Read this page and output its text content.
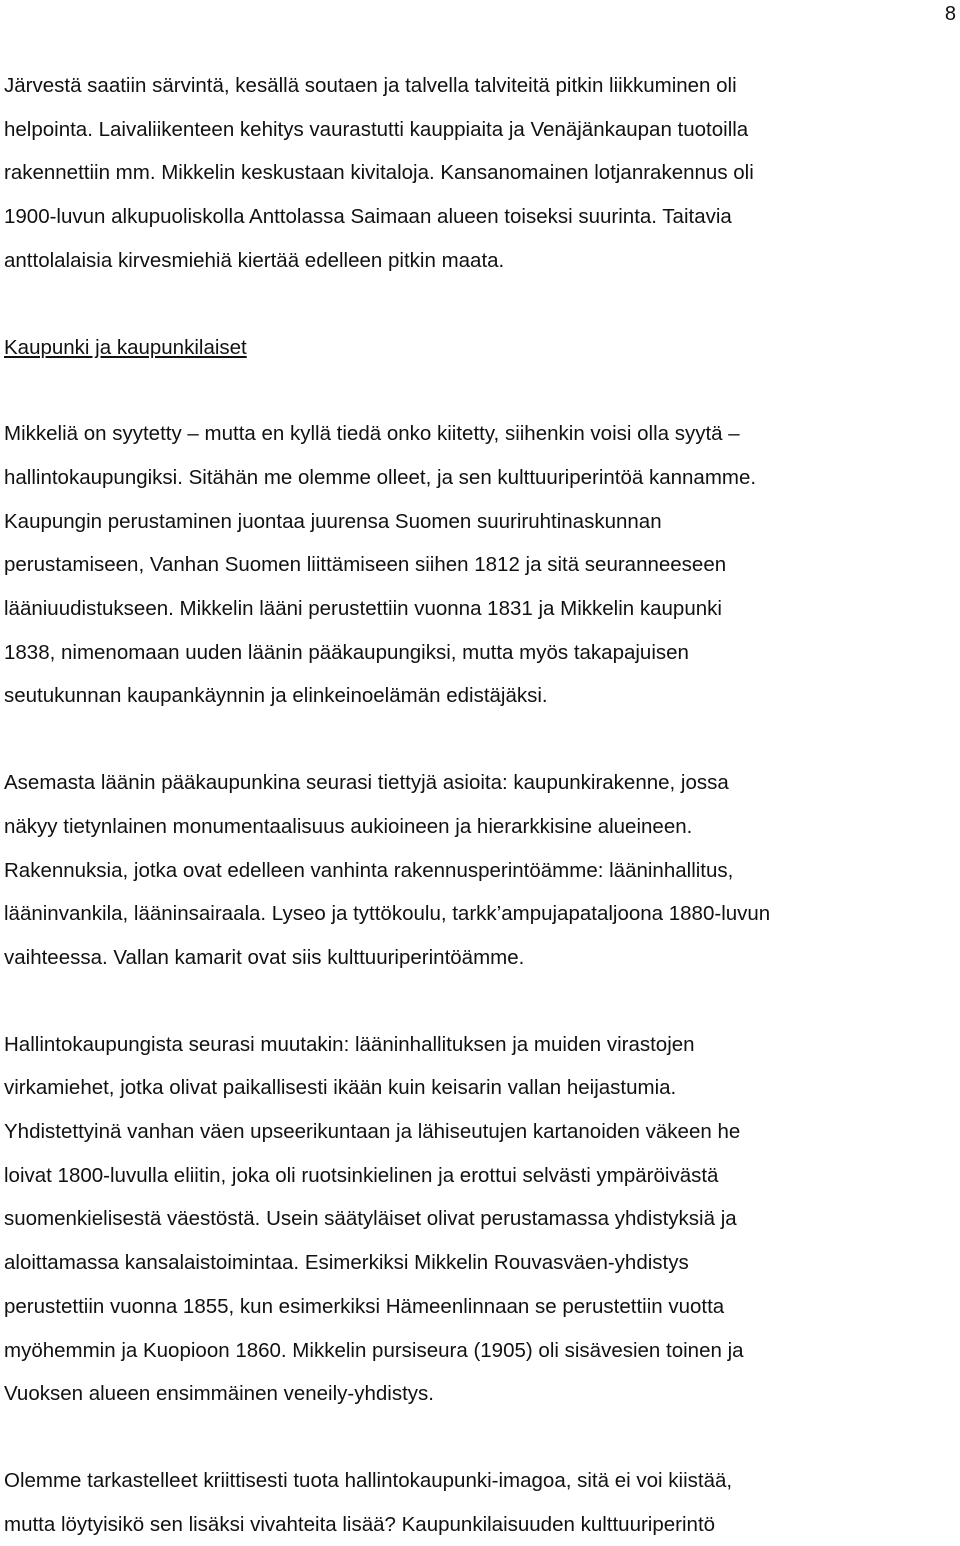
8
Järvestä saatiin särvintä, kesällä soutaen ja talvella talviteitä pitkin liikkuminen oli
helpointa. Laivaliikenteen kehitys vaurastutti kauppiaita ja Venäjänkaupan tuotoilla
rakennettiin mm. Mikkelin keskustaan kivitaloja. Kansanomainen lotjanrakennus oli
1900-luvun alkupuoliskolla Anttolassa Saimaan alueen toiseksi suurinta. Taitavia
anttolalaisia kirvesmiehiä kiertää edelleen pitkin maata.
Kaupunki ja kaupunkilaiset
Mikkeliä on syytetty – mutta en kyllä tiedä onko kiitetty, siihenkin voisi olla syytä –
hallintokaupungiksi. Sitähän me olemme olleet, ja sen kulttuuriperintöä kannamme.
Kaupungin perustaminen juontaa juurensa Suomen suuriruhtinaskunnan
perustamiseen, Vanhan Suomen liittämiseen siihen 1812 ja sitä seuranneeseen
lääniuudistukseen. Mikkelin lääni perustettiin vuonna 1831 ja Mikkelin kaupunki
1838, nimenomaan uuden läänin pääkaupungiksi, mutta myös takapajuisen
seutukunnan kaupankäynnin ja elinkeinoelämän edistäjäksi.
Asemasta läänin pääkaupunkina seurasi tiettyjä asioita: kaupunkirakenne, jossa
näkyy tietynlainen monumentaalisuus aukioineen ja hierarkkisine alueineen.
Rakennuksia, jotka ovat edelleen vanhinta rakennusperintöämme: lääninhallitus,
lääninvankila, lääninsairaala. Lyseo ja tyttökoulu, tarkk’ampujapataljoona 1880-luvun
vaihteessa. Vallan kamarit ovat siis kulttuuriperintöämme.
Hallintokaupungista seurasi muutakin: lääninhallituksen ja muiden virastojen
virkamiehet, jotka olivat paikallisesti ikään kuin keisarin vallan heijastumia.
Yhdistettyinä vanhan väen upseerikuntaan ja lähiseutujen kartanoiden väkeen he
loivat 1800-luvulla eliitin, joka oli ruotsinkielinen ja erottui selvästi ympäröivästä
suomenkielisestä väestöstä. Usein säätyläiset olivat perustamassa yhdistyksiä ja
aloittamassa kansalaistoimintaa. Esimerkiksi Mikkelin Rouvasväen-yhdistys
perustettiin vuonna 1855, kun esimerkiksi Hämeenlinnaan se perustettiin vuotta
myöhemmin ja Kuopioon 1860. Mikkelin pursiseura (1905) oli sisävesien toinen ja
Vuoksen alueen ensimmäinen veneily-yhdistys.
Olemme tarkastelleet kriittisesti tuota hallintokaupunki-imagoa, sitä ei voi kiistää,
mutta löytyisikö sen lisäksi vivahteita lisää? Kaupunkilaisuuden kulttuuriperintö
